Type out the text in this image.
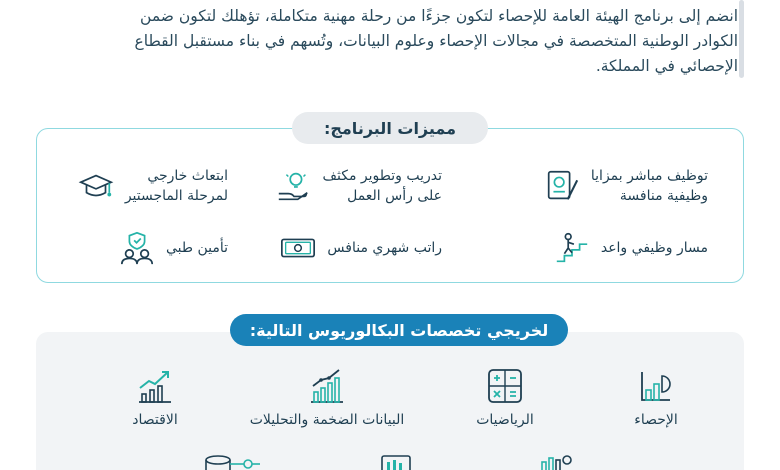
انضم إلى برنامج الهيئة العامة للإحصاء لتكون جزءًا من رحلة مهنية متكاملة، تؤهلك لتكون ضمن
الكوادر الوطنية المتخصصة في مجالات الإحصاء وعلوم البيانات، وتُسهم في بناء مستقبل القطاع
الإحصائي في المملكة.
مميزات البرنامج:
توظيف مباشر بمزايا
وظيفية منافسة
تدريب وتطوير مكثف
على رأس العمل
ابتعاث خارجي
لمرحلة الماجستير
مسار وظيفي واعد
راتب شهري منافس
تأمين طبي
لخريجي تخصصات البكالوريوس التالية:
الإحصاء
الرياضيات
البيانات الضخمة والتحليلات
الاقتصاد
